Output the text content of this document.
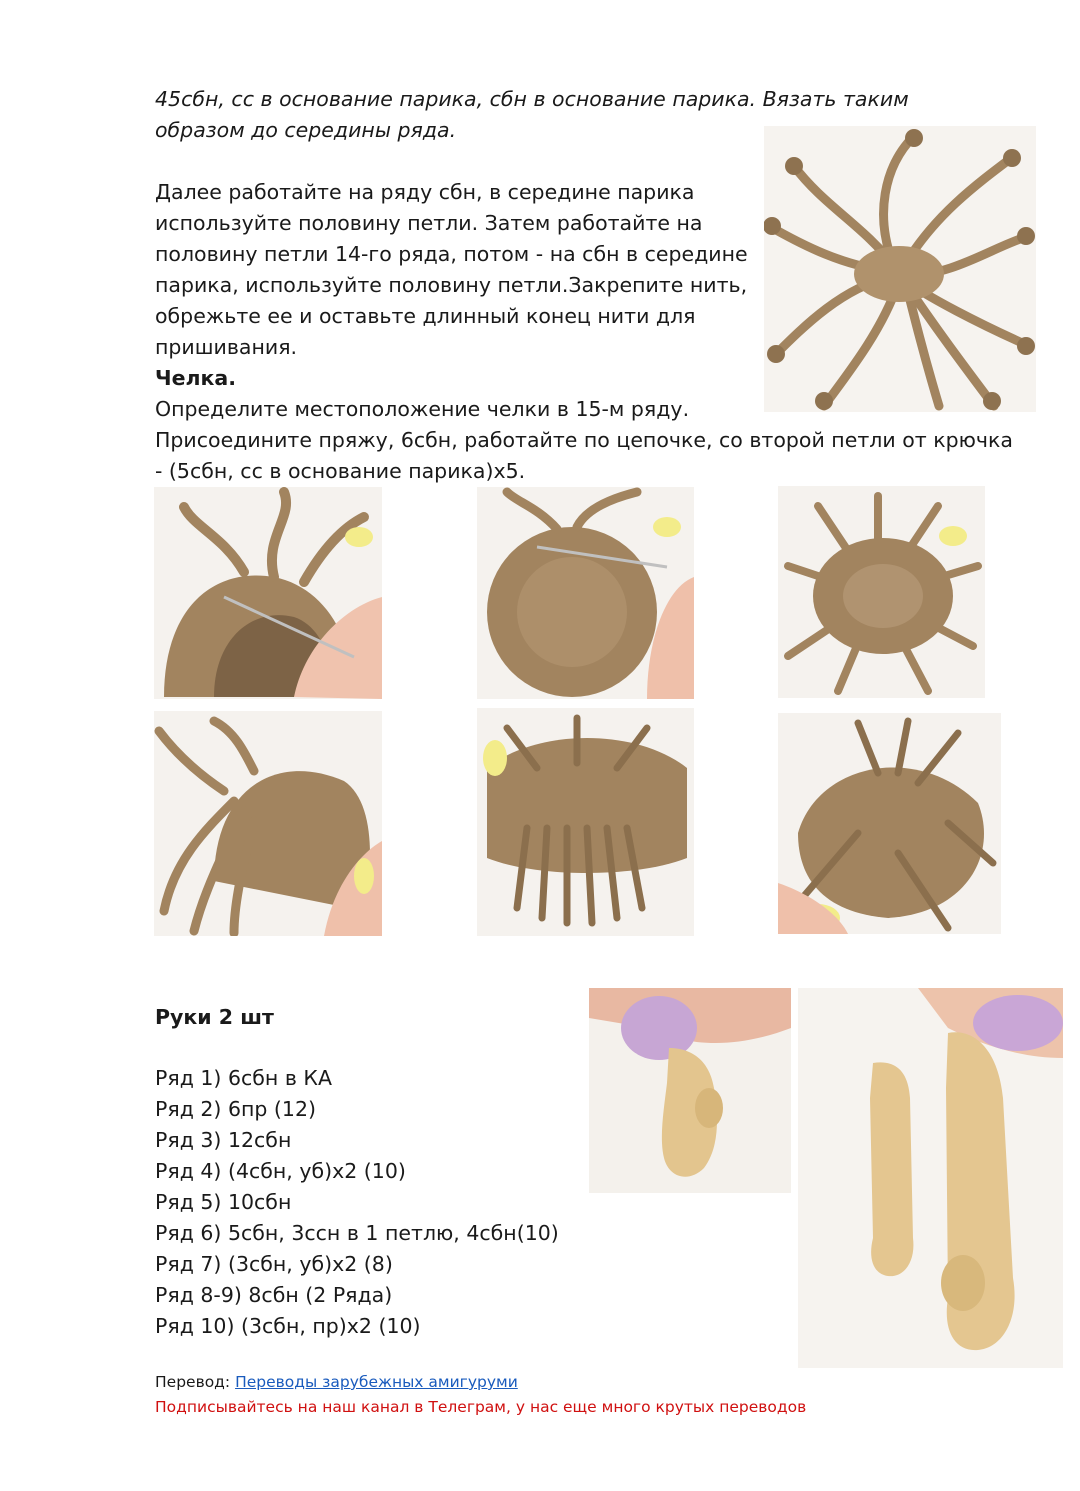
45сбн, сс в основание парика, сбн в основание парика. Вязать таким
образом до середины ряда.
Далее работайте на ряду сбн, в середине парика
используйте половину петли. Затем работайте на
половину петли 14-го ряда, потом - на сбн в середине
парика, используйте половину петли.Закрепите нить,
обрежьте ее и оставьте длинный конец нити для
пришивания.
Челка.
Определите местоположение челки в 15-м ряду.
Присоедините пряжу, 6сбн, работайте по цепочке, со второй петли от крючка
- (5сбн, сс в основание парика)x5.
Руки 2 шт
Ряд 1) 6сбн в КА
Ряд 2) 6пр (12)
Ряд 3) 12сбн
Ряд 4) (4сбн, уб)x2 (10)
Ряд 5) 10сбн
Ряд 6) 5сбн, 3ссн в 1 петлю, 4сбн(10)
Ряд 7) (3сбн, уб)x2 (8)
Ряд 8-9) 8сбн (2 Ряда)
Ряд 10) (3сбн, пр)x2 (10)
Перевод: Переводы зарубежных амигуруми
Подписывайтесь на наш канал в Телеграм, у нас еще много крутых переводов
